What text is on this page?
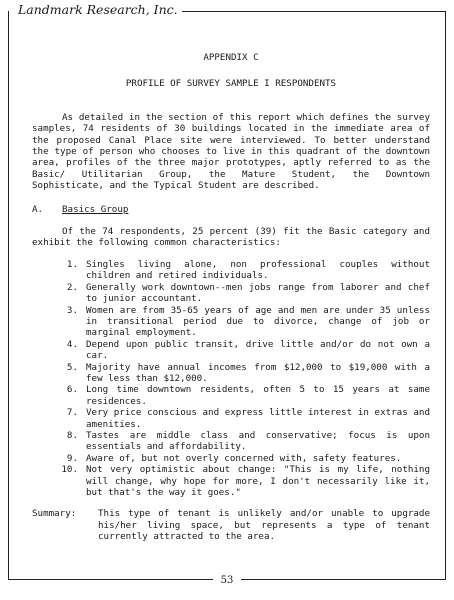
Landmark Research, Inc.

APPENDIX C

PROFILE OF SURVEY SAMPLE I RESPONDENTS

As detailed in the section of this report which defines the survey samples, 74 residents of 30 buildings located in the immediate area of the proposed Canal Place site were interviewed. To better understand the type of person who chooses to live in this quadrant of the downtown area, profiles of the three major prototypes, aptly referred to as the Basic/ Utilitarian Group, the Mature Student, the Downtown Sophisticate, and the Typical Student are described.

A.	Basics Group

Of the 74 respondents, 25 percent (39) fit the Basic category and exhibit the following common characteristics:

1. Singles living alone, non professional couples without children and retired individuals.
2. Generally work downtown--men jobs range from laborer and chef to junior accountant.
3. Women are from 35-65 years of age and men are under 35 unless in transitional period due to divorce, change of job or marginal employment.
4. Depend upon public transit, drive little and/or do not own a car.
5. Majority have annual incomes from $12,000 to $19,000 with a few less than $12,000.
6. Long time downtown residents, often 5 to 15 years at same residences.
7. Very price conscious and express little interest in extras and amenities.
8. Tastes are middle class and conservative; focus is upon essentials and affordability.
9. Aware of, but not overly concerned with, safety features.
10. Not very optimistic about change: "This is my life, nothing will change, why hope for more, I don't necessarily like it, but that's the way it goes."
Summary:	This type of tenant is unlikely and/or unable to upgrade his/her living space, but represents a type of tenant currently attracted to the area.
53
